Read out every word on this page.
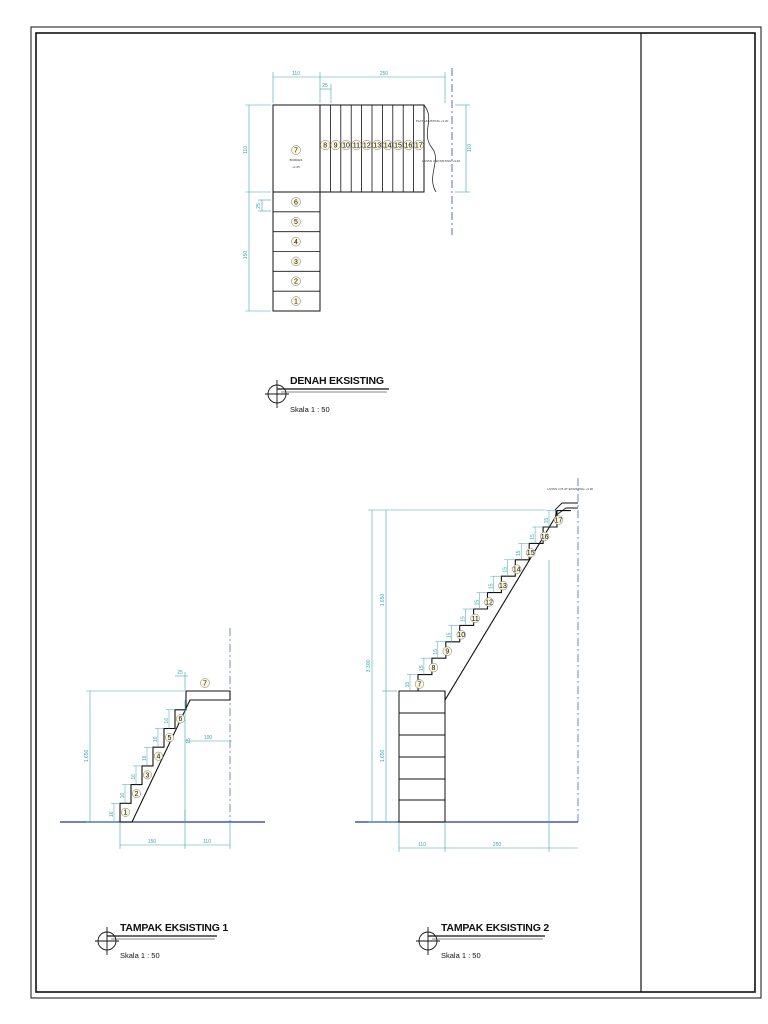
7
BORDES
+1.65
PLAT EKSISTING +3.30
LANTAI 2 EKSISTING +3.30
6
5
4
3
2
1
8 9 10 11 12 13 14 15 16 17
110	250
25
110
25
150
110
DENAH EKSISTING
Skala 1 : 50
1
2
3
4
5
6
7
16
16
16
16
16
16
1.650
150	110
100
15
25
TAMPAK EKSISTING 1
Skala 1 : 50
7
8
9
10
11
12
13
14
15
16
17
15
15
15
15
15
15
15
15
15
15
15
3.300
1.650
1.650
110	250
LANTAI 2 PLAT EKSISTING +3.30
TAMPAK EKSISTING 2
Skala 1 : 50
